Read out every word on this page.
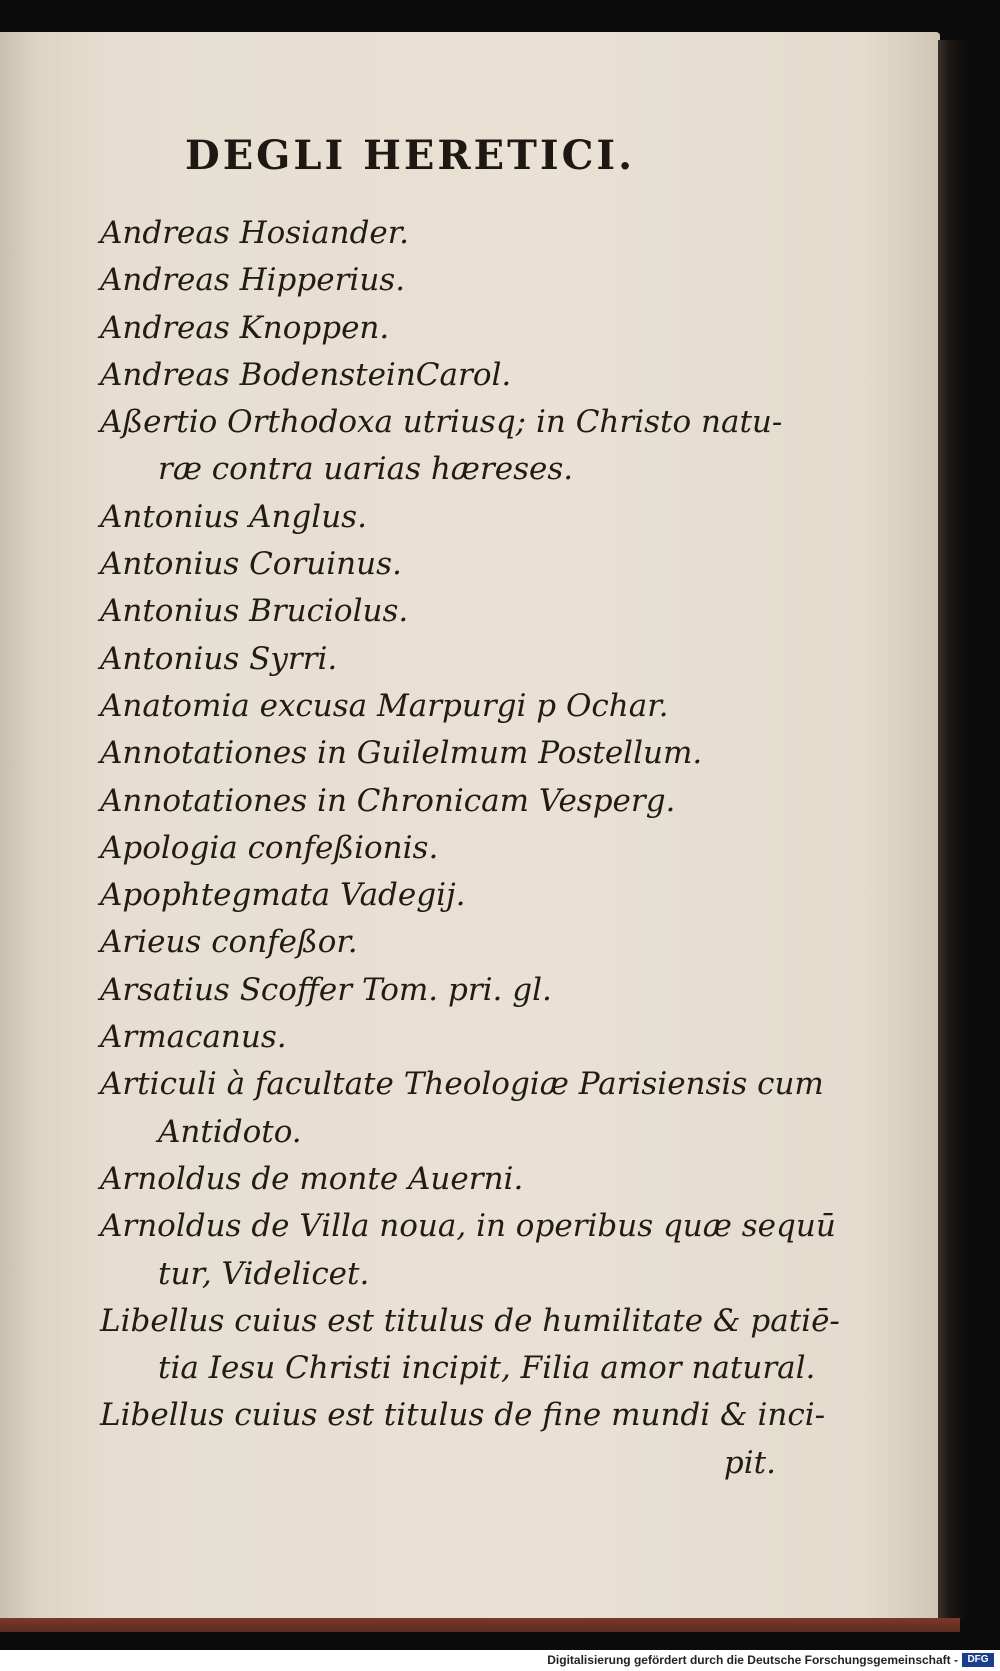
DEGLI HERETICI.
Andreas Hosiander.
Andreas Hipperius.
Andreas Knoppen.
Andreas BodensteinCarol.
Aßertio Orthodoxa utriusq; in Christo natu-
ræ contra uarias hæreses.
Antonius Anglus.
Antonius Coruinus.
Antonius Bruciolus.
Antonius Syrri.
Anatomia excusa Marpurgi p Ochar.
Annotationes in Guilelmum Postellum.
Annotationes in Chronicam Vesperg.
Apologia confeßionis.
Apophtegmata Vadegij.
Arieus confeßor.
Arsatius Scoffer Tom. pri. gl.
Armacanus.
Articuli à facultate Theologiæ Parisiensis cum
Antidoto.
Arnoldus de monte Auerni.
Arnoldus de Villa noua, in operibus quæ sequū
tur, Videlicet.
Libellus cuius est titulus de humilitate & patiē-
tia Iesu Christi incipit, Filia amor natural.
Libellus cuius est titulus de fine mundi & inci-
pit.
Digitalisierung gefördert durch die Deutsche Forschungsgemeinschaft - DFG
